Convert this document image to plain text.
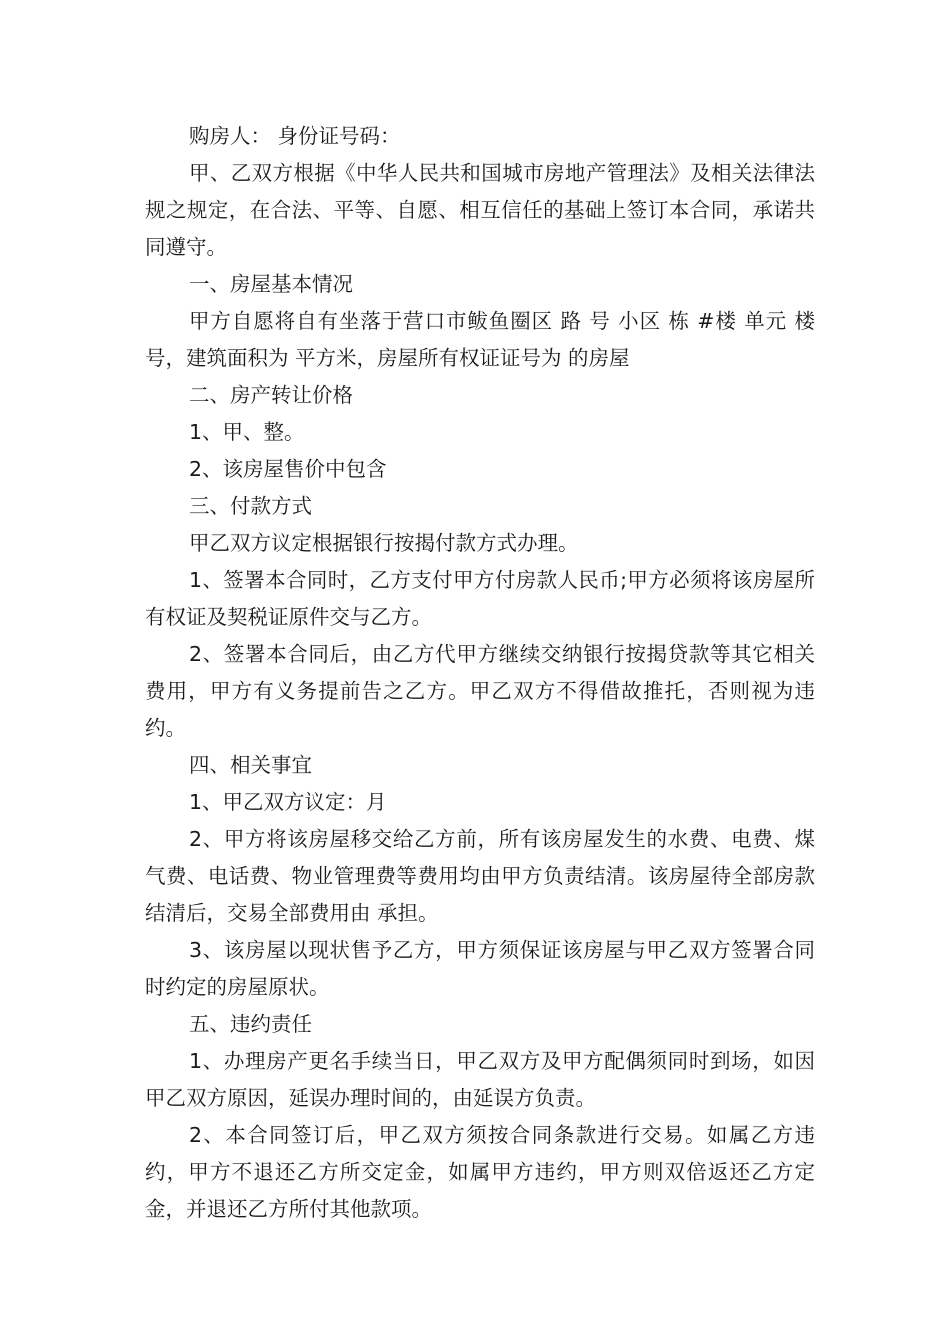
购房人： 身份证号码：

甲、乙双方根据《中华人民共和国城市房地产管理法》及相关法律法规之规定，在合法、平等、自愿、相互信任的基础上签订本合同，承诺共同遵守。

一、房屋基本情况

甲方自愿将自有坐落于营口市鲅鱼圈区 路 号 小区 栋 #楼 单元 楼 号，建筑面积为 平方米，房屋所有权证证号为 的房屋

二、房产转让价格

1、甲、整。

2、该房屋售价中包含

三、付款方式

甲乙双方议定根据银行按揭付款方式办理。

1、签署本合同时，乙方支付甲方付房款人民币;甲方必须将该房屋所有权证及契税证原件交与乙方。

2、签署本合同后，由乙方代甲方继续交纳银行按揭贷款等其它相关费用，甲方有义务提前告之乙方。甲乙双方不得借故推托，否则视为违约。

四、相关事宜

1、甲乙双方议定：月

2、甲方将该房屋移交给乙方前，所有该房屋发生的水费、电费、煤气费、电话费、物业管理费等费用均由甲方负责结清。该房屋待全部房款结清后，交易全部费用由 承担。

3、该房屋以现状售予乙方，甲方须保证该房屋与甲乙双方签署合同时约定的房屋原状。

五、违约责任

1、办理房产更名手续当日，甲乙双方及甲方配偶须同时到场，如因甲乙双方原因，延误办理时间的，由延误方负责。

2、本合同签订后，甲乙双方须按合同条款进行交易。如属乙方违约，甲方不退还乙方所交定金，如属甲方违约，甲方则双倍返还乙方定金，并退还乙方所付其他款项。
